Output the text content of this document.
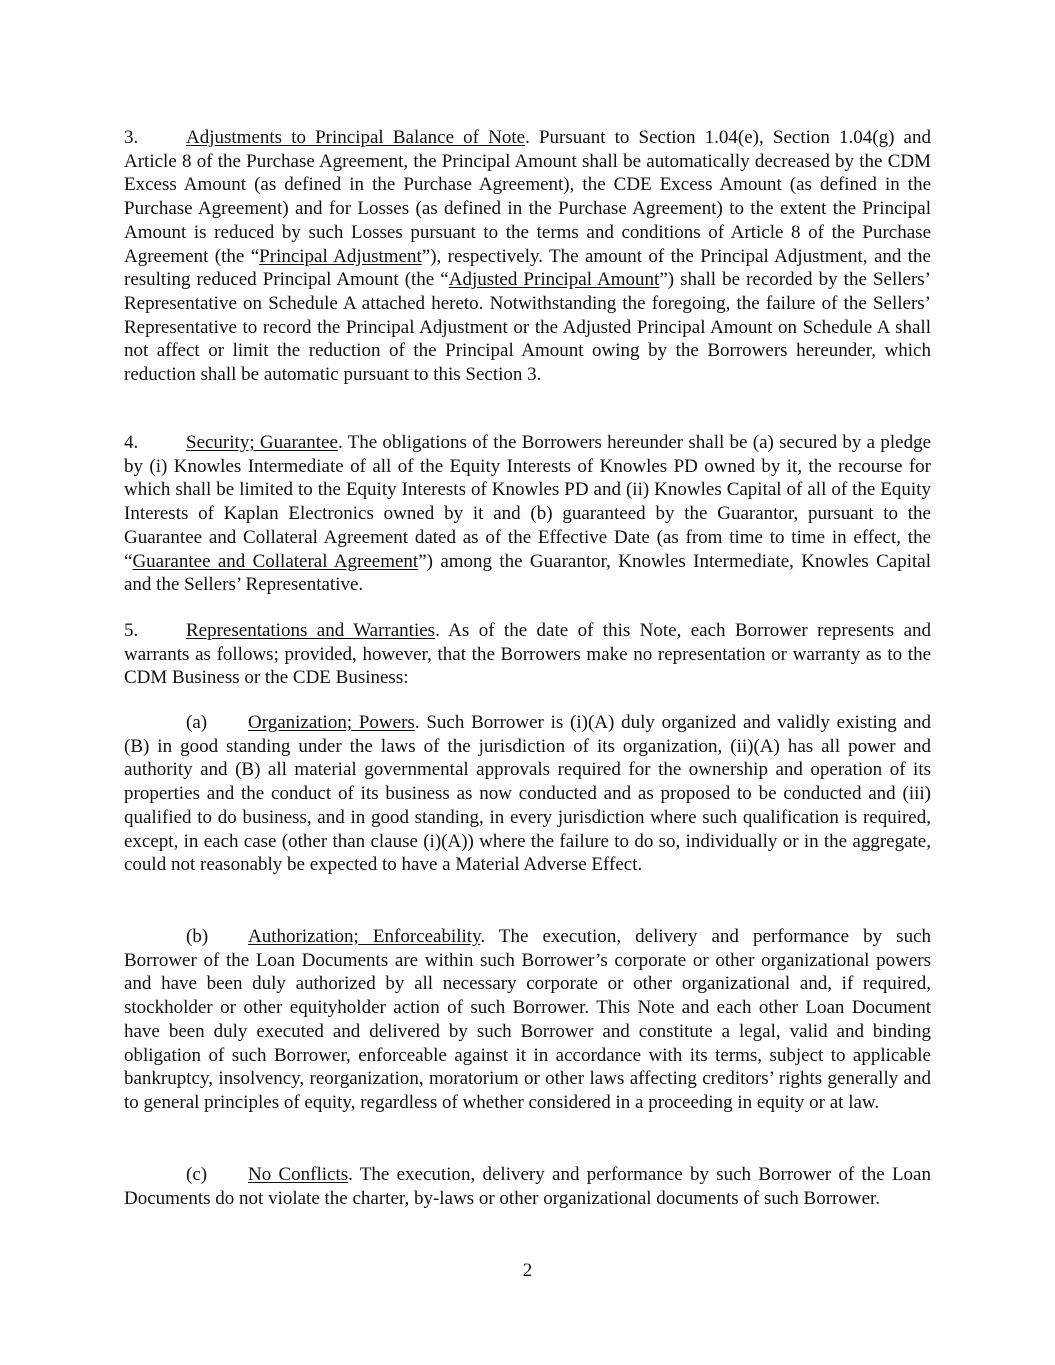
3.	Adjustments to Principal Balance of Note. Pursuant to Section 1.04(e), Section 1.04(g) and Article 8 of the Purchase Agreement, the Principal Amount shall be automatically decreased by the CDM Excess Amount (as defined in the Purchase Agreement), the CDE Excess Amount (as defined in the Purchase Agreement) and for Losses (as defined in the Purchase Agreement) to the extent the Principal Amount is reduced by such Losses pursuant to the terms and conditions of Article 8 of the Purchase Agreement (the “Principal Adjustment”), respectively. The amount of the Principal Adjustment, and the resulting reduced Principal Amount (the “Adjusted Principal Amount”) shall be recorded by the Sellers’ Representative on Schedule A attached hereto. Notwithstanding the foregoing, the failure of the Sellers’ Representative to record the Principal Adjustment or the Adjusted Principal Amount on Schedule A shall not affect or limit the reduction of the Principal Amount owing by the Borrowers hereunder, which reduction shall be automatic pursuant to this Section 3.

4.	Security; Guarantee. The obligations of the Borrowers hereunder shall be (a) secured by a pledge by (i) Knowles Intermediate of all of the Equity Interests of Knowles PD owned by it, the recourse for which shall be limited to the Equity Interests of Knowles PD and (ii) Knowles Capital of all of the Equity Interests of Kaplan Electronics owned by it and (b) guaranteed by the Guarantor, pursuant to the Guarantee and Collateral Agreement dated as of the Effective Date (as from time to time in effect, the “Guarantee and Collateral Agreement”) among the Guarantor, Knowles Intermediate, Knowles Capital and the Sellers’ Representative.

5.	Representations and Warranties. As of the date of this Note, each Borrower represents and warrants as follows; provided, however, that the Borrowers make no representation or warranty as to the CDM Business or the CDE Business:

(a) Organization; Powers. Such Borrower is (i)(A) duly organized and validly existing and (B) in good standing under the laws of the jurisdiction of its organization, (ii)(A) has all power and authority and (B) all material governmental approvals required for the ownership and operation of its properties and the conduct of its business as now conducted and as proposed to be conducted and (iii) qualified to do business, and in good standing, in every jurisdiction where such qualification is required, except, in each case (other than clause (i)(A)) where the failure to do so, individually or in the aggregate, could not reasonably be expected to have a Material Adverse Effect.

(b) Authorization; Enforceability. The execution, delivery and performance by such Borrower of the Loan Documents are within such Borrower’s corporate or other organizational powers and have been duly authorized by all necessary corporate or other organizational and, if required, stockholder or other equityholder action of such Borrower. This Note and each other Loan Document have been duly executed and delivered by such Borrower and constitute a legal, valid and binding obligation of such Borrower, enforceable against it in accordance with its terms, subject to applicable bankruptcy, insolvency, reorganization, moratorium or other laws affecting creditors’ rights generally and to general principles of equity, regardless of whether considered in a proceeding in equity or at law.

(c) No Conflicts. The execution, delivery and performance by such Borrower of the Loan Documents do not violate the charter, by-laws or other organizational documents of such Borrower.

2
